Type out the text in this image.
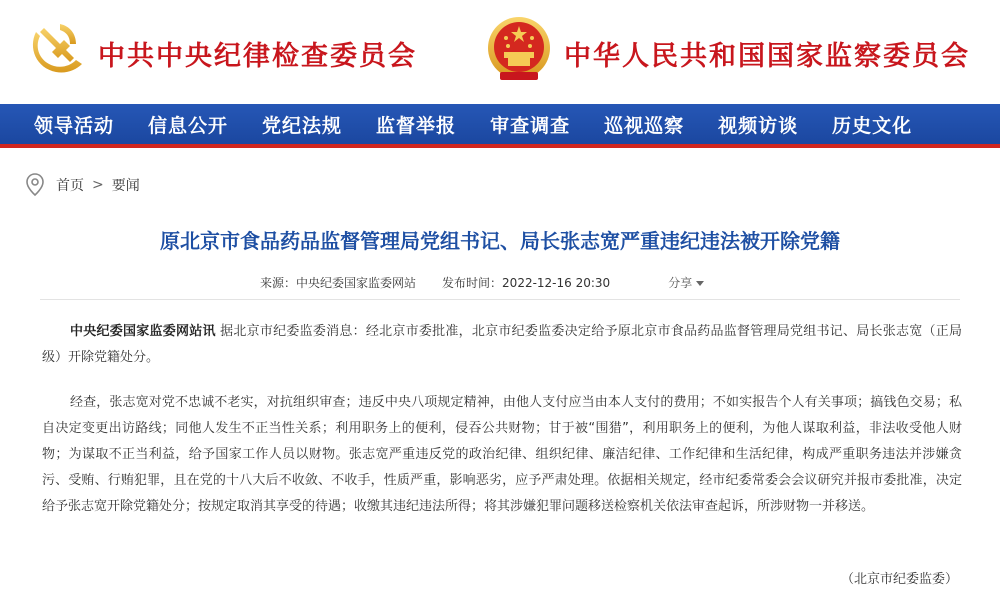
中共中央纪律检查委员会	中华人民共和国国家监察委员会
领导活动 信息公开 党纪法规 监督举报 审查调查 巡视巡察 视频访谈 历史文化
首页 > 要闻
原北京市食品药品监督管理局党组书记、局长张志宽严重违纪违法被开除党籍
来源： 中央纪委国家监委网站 发布时间： 2022-12-16 20:30	分享

中央纪委国家监委网站讯 据北京市纪委监委消息：经北京市委批准，北京市纪委监委决定给予原北京市食品药品监督管理局党组书记、局长张志宽（正局级）开除党籍处分。

经查，张志宽对党不忠诚不老实，对抗组织审查；违反中央八项规定精神，由他人支付应当由本人支付的费用；不如实报告个人有关事项；搞钱色交易；私自决定变更出访路线；同他人发生不正当性关系；利用职务上的便利，侵吞公共财物；甘于被“围猎”，利用职务上的便利，为他人谋取利益，非法收受他人财物；为谋取不正当利益，给予国家工作人员以财物。张志宽严重违反党的政治纪律、组织纪律、廉洁纪律、工作纪律和生活纪律，构成严重职务违法并涉嫌贪污、受贿、行贿犯罪，且在党的十八大后不收敛、不收手，性质严重，影响恶劣，应予严肃处理。依据相关规定，经市纪委常委会会议研究并报市委批准，决定给予张志宽开除党籍处分；按规定取消其享受的待遇；收缴其违纪违法所得；将其涉嫌犯罪问题移送检察机关依法审查起诉，所涉财物一并移送。

（北京市纪委监委）
